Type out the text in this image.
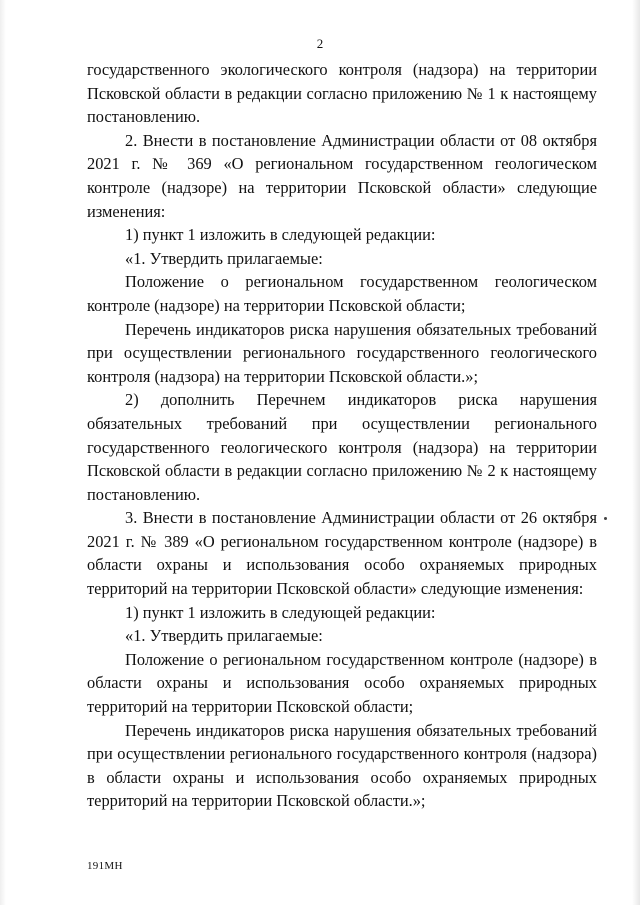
2

государственного экологического контроля (надзора) на территории Псковской области в редакции согласно приложению № 1 к настоящему постановлению.

2. Внести в постановление Администрации области от 08 октября 2021 г. № 369 «О региональном государственном геологическом контроле (надзоре) на территории Псковской области» следующие изменения:

1) пункт 1 изложить в следующей редакции:

«1. Утвердить прилагаемые:

Положение о региональном государственном геологическом контроле (надзоре) на территории Псковской области;

Перечень индикаторов риска нарушения обязательных требований при осуществлении регионального государственного геологического контроля (надзора) на территории Псковской области.»;

2) дополнить Перечнем индикаторов риска нарушения обязательных требований при осуществлении регионального государственного геологического контроля (надзора) на территории Псковской области в редакции согласно приложению № 2 к настоящему постановлению.

3. Внести в постановление Администрации области от 26 октября 2021 г. № 389 «О региональном государственном контроле (надзоре) в области охраны и использования особо охраняемых природных территорий на территории Псковской области» следующие изменения:

1) пункт 1 изложить в следующей редакции:

«1. Утвердить прилагаемые:

Положение о региональном государственном контроле (надзоре) в области охраны и использования особо охраняемых природных территорий на территории Псковской области;

Перечень индикаторов риска нарушения обязательных требований при осуществлении регионального государственного контроля (надзора) в области охраны и использования особо охраняемых природных территорий на территории Псковской области.»;

191МН
